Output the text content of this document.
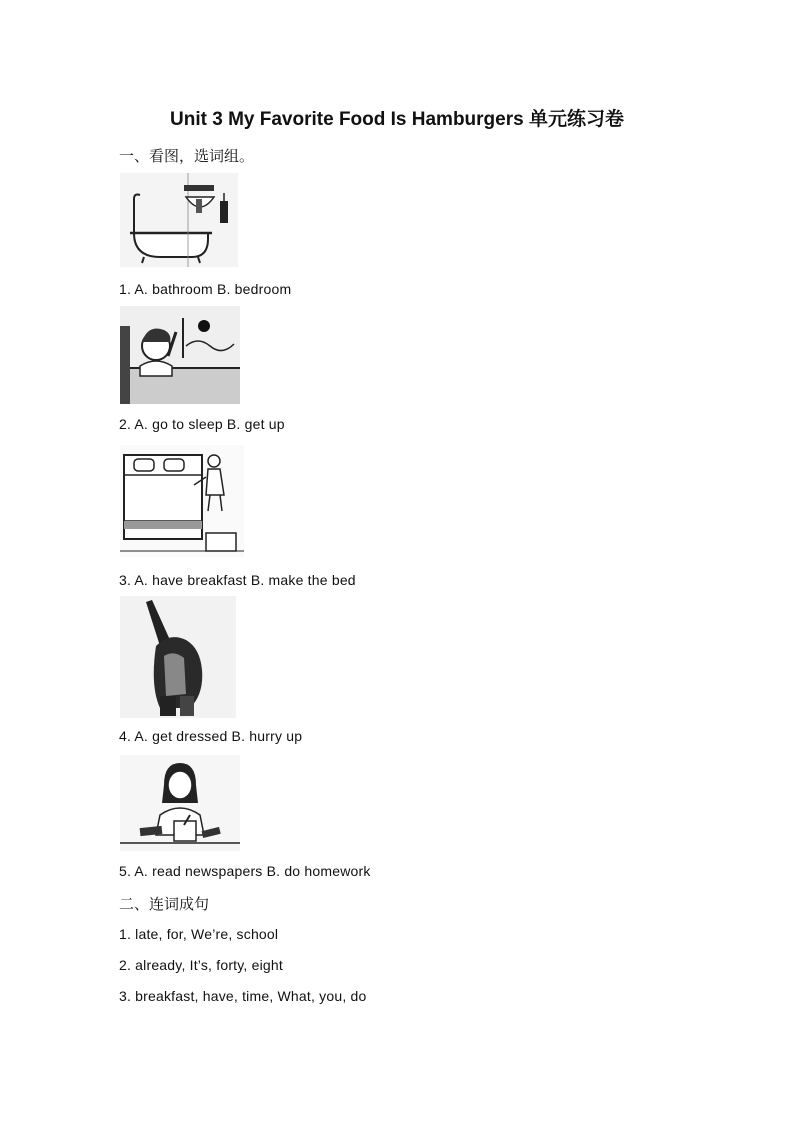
Unit 3 My Favorite Food Is Hamburgers 单元练习卷
一、看图，选词组。
1. A. bathroom B. bedroom
2. A. go to sleep B. get up
3. A. have breakfast B. make the bed
4. A. get dressed B. hurry up
5. A. read newspapers B. do homework
二、连词成句
1. late, for, We’re, school
2. already, It’s, forty, eight
3. breakfast, have, time, What, you, do
